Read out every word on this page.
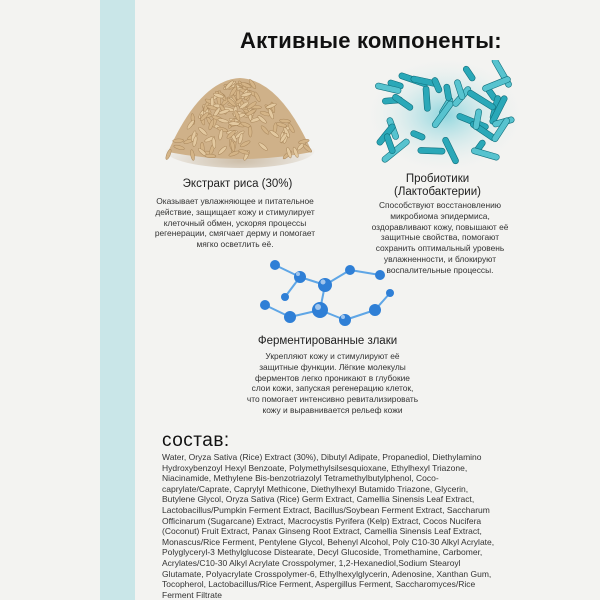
Активные компоненты:
Экстракт риса (30%)
Оказывает увлажняющее и питательное действие, защищает кожу и стимулирует клеточный обмен, ускоряя процессы регенерации, смягчает дерму и помогает мягко осветлить её.
Пробиотики
(Лактобактерии)
Способствуют восстановлению микробиома эпидермиса, оздоравливают кожу, повышают её защитные свойства, помогают сохранить оптимальный уровень увлажненности, и блокируют воспалительные процессы.
Ферментированные злаки
Укрепляют кожу и стимулируют её защитные функции. Лёгкие молекулы ферментов легко проникают в глубокие слои кожи, запуская регенерацию клеток, что помогает интенсивно ревитализировать кожу и выравнивается рельеф кожи
состав:
Water, Oryza Sativa (Rice) Extract (30%), Dibutyl Adipate, Propanediol, Diethylamino Hydroxybenzoyl Hexyl Benzoate, Polymethylsilsesquioxane, Ethylhexyl Triazone, Niacinamide, Methylene Bis-benzotriazolyl Tetramethylbutylphenol, Coco-caprylate/Caprate, Caprylyl Methicone, Diethylhexyl Butamido Triazone, Glycerin, Butylene Glycol, Oryza Sativa (Rice) Germ Extract, Camellia Sinensis Leaf Extract, Lactobacillus/Pumpkin Ferment Extract, Bacillus/Soybean Ferment Extract, Saccharum Officinarum (Sugarcane) Extract, Macrocystis Pyrifera (Kelp) Extract, Cocos Nucifera (Coconut) Fruit Extract, Panax Ginseng Root Extract, Camellia Sinensis Leaf Extract, Monascus/Rice Ferment, Pentylene Glycol, Behenyl Alcohol, Poly C10-30 Alkyl Acrylate, Polyglyceryl-3 Methylglucose Distearate, Decyl Glucoside, Tromethamine, Carbomer, Acrylates/C10-30 Alkyl Acrylate Crosspolymer, 1,2-Hexanediol,Sodium Stearoyl Glutamate, Polyacrylate Crosspolymer-6, Ethylhexylglycerin, Adenosine, Xanthan Gum, Tocopherol, Lactobacillus/Rice Ferment, Aspergillus Ferment, Saccharomyces/Rice Ferment Filtrate
